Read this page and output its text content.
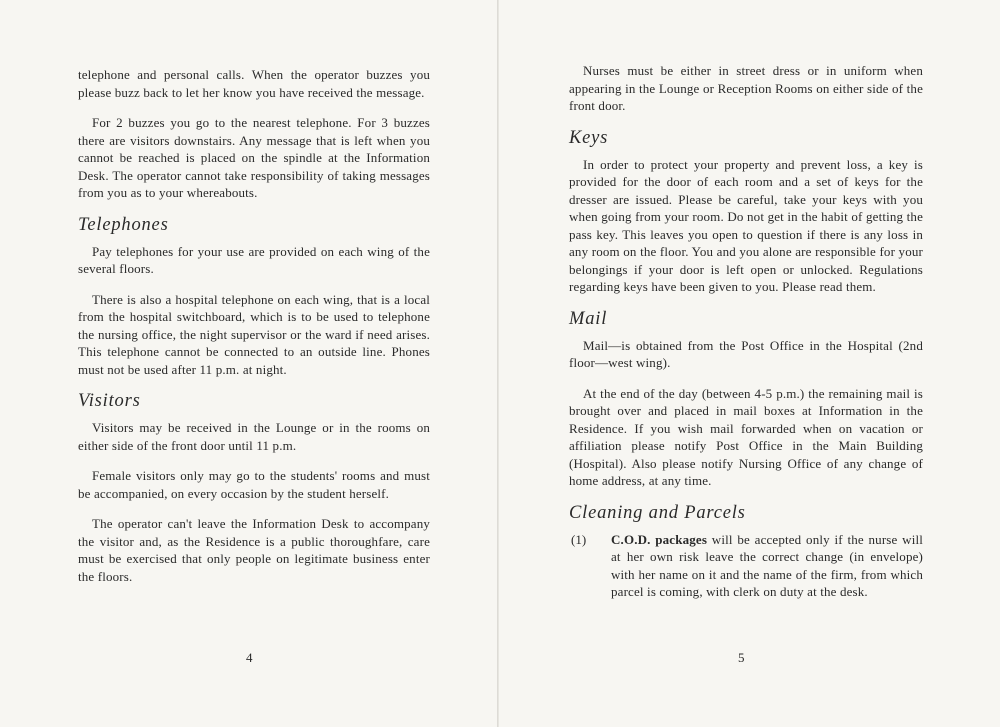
telephone and personal calls. When the operator buzzes you please buzz back to let her know you have received the message.

For 2 buzzes you go to the nearest telephone. For 3 buzzes there are visitors downstairs. Any message that is left when you cannot be reached is placed on the spindle at the Information Desk. The operator cannot take responsibility of taking messages from you as to your whereabouts.

Telephones

Pay telephones for your use are provided on each wing of the several floors.

There is also a hospital telephone on each wing, that is a local from the hospital switchboard, which is to be used to telephone the nursing office, the night supervisor or the ward if need arises. This telephone cannot be connected to an outside line. Phones must not be used after 11 p.m. at night.

Visitors

Visitors may be received in the Lounge or in the rooms on either side of the front door until 11 p.m.

Female visitors only may go to the students' rooms and must be accompanied, on every occasion by the student herself.

The operator can't leave the Information Desk to accompany the visitor and, as the Residence is a public thoroughfare, care must be exercised that only people on legitimate business enter the floors.

4

Nurses must be either in street dress or in uniform when appearing in the Lounge or Reception Rooms on either side of the front door.

Keys

In order to protect your property and prevent loss, a key is provided for the door of each room and a set of keys for the dresser are issued. Please be careful, take your keys with you when going from your room. Do not get in the habit of getting the pass key. This leaves you open to question if there is any loss in any room on the floor. You and you alone are responsible for your belongings if your door is left open or unlocked. Regulations regarding keys have been given to you. Please read them.

Mail

Mail—is obtained from the Post Office in the Hospital (2nd floor—west wing).

At the end of the day (between 4-5 p.m.) the remaining mail is brought over and placed in mail boxes at Information in the Residence. If you wish mail forwarded when on vacation or affiliation please notify Post Office in the Main Building (Hospital). Also please notify Nursing Office of any change of home address, at any time.

Cleaning and Parcels
(1)	C.O.D. packages will be accepted only if the nurse will at her own risk leave the correct change (in envelope) with her name on it and the name of the firm, from which parcel is coming, with clerk on duty at the desk.
5
